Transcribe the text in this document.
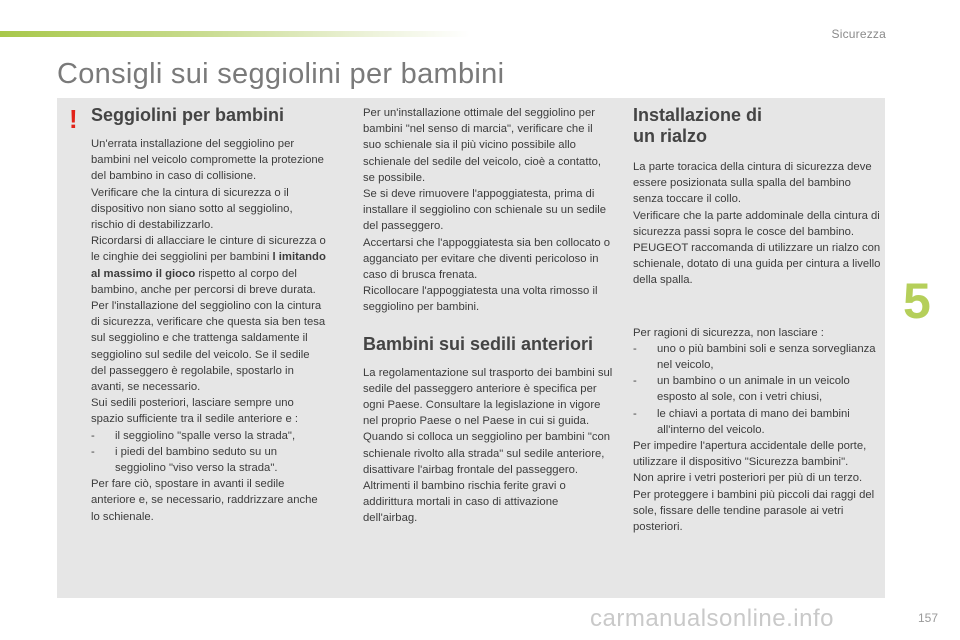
Sicurezza
Consigli sui seggiolini per bambini
! Seggiolini per bambini

Un'errata installazione del seggiolino per bambini nel veicolo compromette la protezione del bambino in caso di collisione.

Verificare che la cintura di sicurezza o il dispositivo non siano sotto al seggiolino, rischio di destabilizzarlo.

Ricordarsi di allacciare le cinture di sicurezza o le cinghie dei seggiolini per bambini l imitando al massimo il gioco rispetto al corpo del bambino, anche per percorsi di breve durata.

Per l'installazione del seggiolino con la cintura di sicurezza, verificare che questa sia ben tesa sul seggiolino e che trattenga saldamente il seggiolino sul sedile del veicolo. Se il sedile del passeggero è regolabile, spostarlo in avanti, se necessario.

Sui sedili posteriori, lasciare sempre uno spazio sufficiente tra il sedile anteriore e :

- il seggiolino "spalle verso la strada",
- i piedi del bambino seduto su un seggiolino "viso verso la strada".

Per fare ciò, spostare in avanti il sedile anteriore e, se necessario, raddrizzare anche lo schienale.

Per un'installazione ottimale del seggiolino per bambini "nel senso di marcia", verificare che il suo schienale sia il più vicino possibile allo schienale del sedile del veicolo, cioè a contatto, se possibile.

Se si deve rimuovere l'appoggiatesta, prima di installare il seggiolino con schienale su un sedile del passeggero.

Accertarsi che l'appoggiatesta sia ben collocato o agganciato per evitare che diventi pericoloso in caso di brusca frenata.

Ricollocare l'appoggiatesta una volta rimosso il seggiolino per bambini.

Bambini sui sedili anteriori

La regolamentazione sul trasporto dei bambini sul sedile del passeggero anteriore è specifica per ogni Paese. Consultare la legislazione in vigore nel proprio Paese o nel Paese in cui si guida.

Quando si colloca un seggiolino per bambini "con schienale rivolto alla strada" sul sedile anteriore, disattivare l'airbag frontale del passeggero. Altrimenti il bambino rischia ferite gravi o addirittura mortali in caso di attivazione dell'airbag.

Installazione di
un rialzo

La parte toracica della cintura di sicurezza deve essere posizionata sulla spalla del bambino senza toccare il collo.

Verificare che la parte addominale della cintura di sicurezza passi sopra le cosce del bambino.

PEUGEOT raccomanda di utilizzare un rialzo con schienale, dotato di una guida per cintura a livello della spalla.

Per ragioni di sicurezza, non lasciare :

- uno o più bambini soli e senza sorveglianza nel veicolo,
- un bambino o un animale in un veicolo esposto al sole, con i vetri chiusi,
- le chiavi a portata di mano dei bambini all'interno del veicolo.

Per impedire l'apertura accidentale delle porte, utilizzare il dispositivo "Sicurezza bambini".

Non aprire i vetri posteriori per più di un terzo.

Per proteggere i bambini più piccoli dai raggi del sole, fissare delle tendine parasole ai vetri posteriori.

5
carmanualsonline.info	157
